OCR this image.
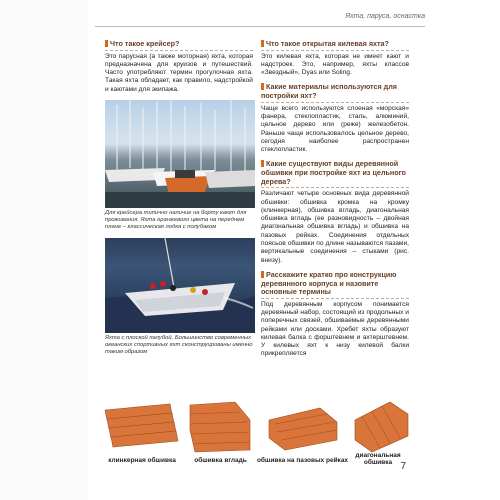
Яхта, паруса, оснастка

Что такое крейсер?

Это парусная (а также моторная) яхта, которая предназначена для круизов и путешествий. Часто употребляют термин прогулочная яхта. Такая яхта обладает, как правило, надстройкой и каютами для экипажа.

Для крейсера типично наличие на борту кают для проживания. Яхта оранжевого цвета на переднем плане – классическая лодка с полубаком

Яхта с плоской палубой. Большинство современных океанских спортивных яхт сконструированы именно таким образом

Что такое открытая килевая яхта?

Это килевая яхта, которая не имеет кают и надстроек. Это, например, яхты классов «Звездный», Dyas или Soling.

Какие материалы используются для постройки яхт?

Чаще всего используются слоеная «морская» фанера, стеклопластик, сталь, алюминий, цельное дерево или (реже) железобетон. Раньше чаще использовалось цельное дерево, сегодня наиболее распространен стеклопластик.

Какие существуют виды деревянной обшивки при постройке яхт из цельного дерева?

Различают четыре основных вида деревянной обшивки: обшивка кромка на кромку (клинкерная), обшивка вгладь, диагональная обшивка вгладь (ее разновидность – двойная диагональная обшивка вгладь) и обшивка на пазовых рейках. Соединения отдельных поясьов обшивки по длине называются пазами, вертикальные соединения – стыками (рис. внизу).

Расскажите кратко про конструкцию деревянного корпуса и назовите основные термины

Под деревянным корпусом понимается деревянный набор, состоящий из продольных и поперечных связей, обшиваемые деревянными рейками или досками. Хребет яхты образуют килевая балка с форштевнем и ахтерштевнем. У килевых яхт к низу килевой балки прикрепляется

клинкерная обшивка	обшивка вгладь	обшивка на пазовых рейках
диагональная обшивка 7
